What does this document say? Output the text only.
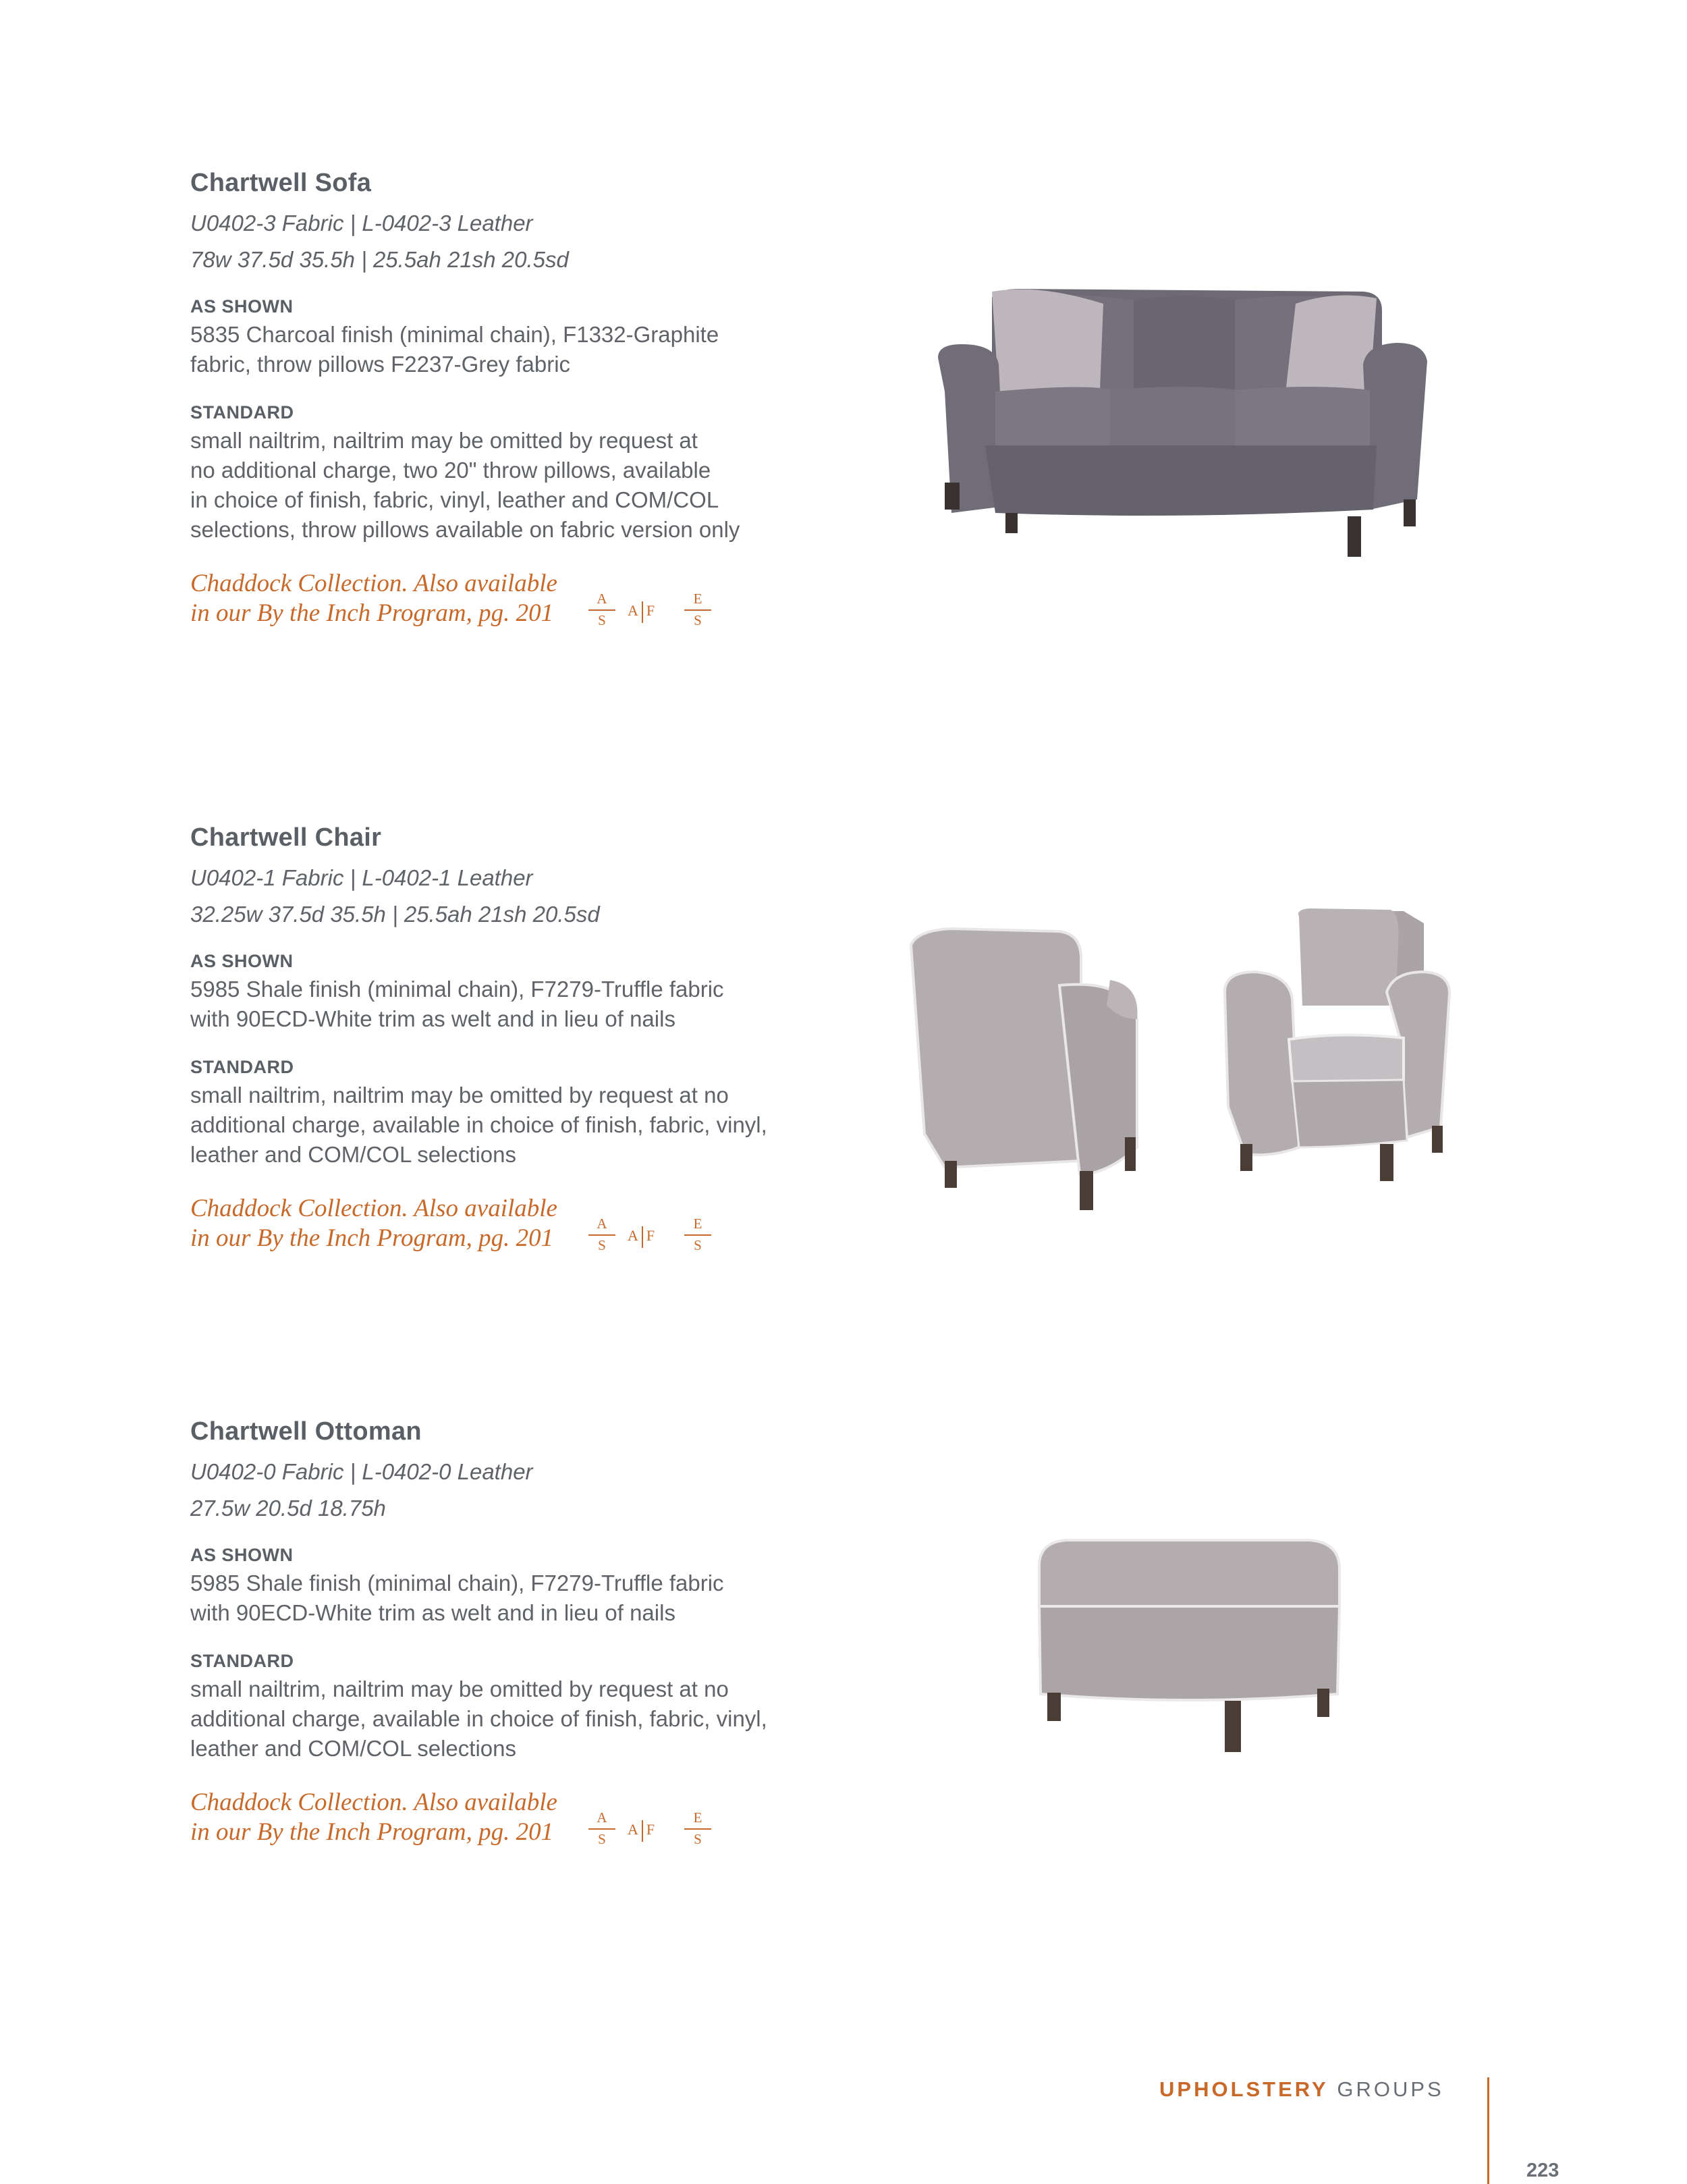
Chartwell Sofa

U0402-3 Fabric | L-0402-3 Leather

78w 37.5d 35.5h | 25.5ah 21sh 20.5sd

AS SHOWN

5835 Charcoal finish (minimal chain), F1332-Graphite

fabric, throw pillows F2237-Grey fabric

STANDARD

small nailtrim, nailtrim may be omitted by request at

no additional charge, two 20" throw pillows, available

in choice of finish, fabric, vinyl, leather and COM/COL

selections, throw pillows available on fabric version only

Chaddock Collection. Also available
in our By the Inch Program, pg. 201
A
S
A F
E
S

Chartwell Chair

U0402-1 Fabric | L-0402-1 Leather

32.25w 37.5d 35.5h | 25.5ah 21sh 20.5sd

AS SHOWN

5985 Shale finish (minimal chain), F7279-Truffle fabric

with 90ECD-White trim as welt and in lieu of nails

STANDARD

small nailtrim, nailtrim may be omitted by request at no

additional charge, available in choice of finish, fabric, vinyl,

leather and COM/COL selections

Chaddock Collection. Also available
in our By the Inch Program, pg. 201
A
S
A F
E
S

Chartwell Ottoman

U0402-0 Fabric | L-0402-0 Leather

27.5w 20.5d 18.75h

AS SHOWN

5985 Shale finish (minimal chain), F7279-Truffle fabric

with 90ECD-White trim as welt and in lieu of nails

STANDARD

small nailtrim, nailtrim may be omitted by request at no

additional charge, available in choice of finish, fabric, vinyl,

leather and COM/COL selections

Chaddock Collection. Also available
in our By the Inch Program, pg. 201
A
S
A F
E
S
UPHOLSTERY GROUPS
223
